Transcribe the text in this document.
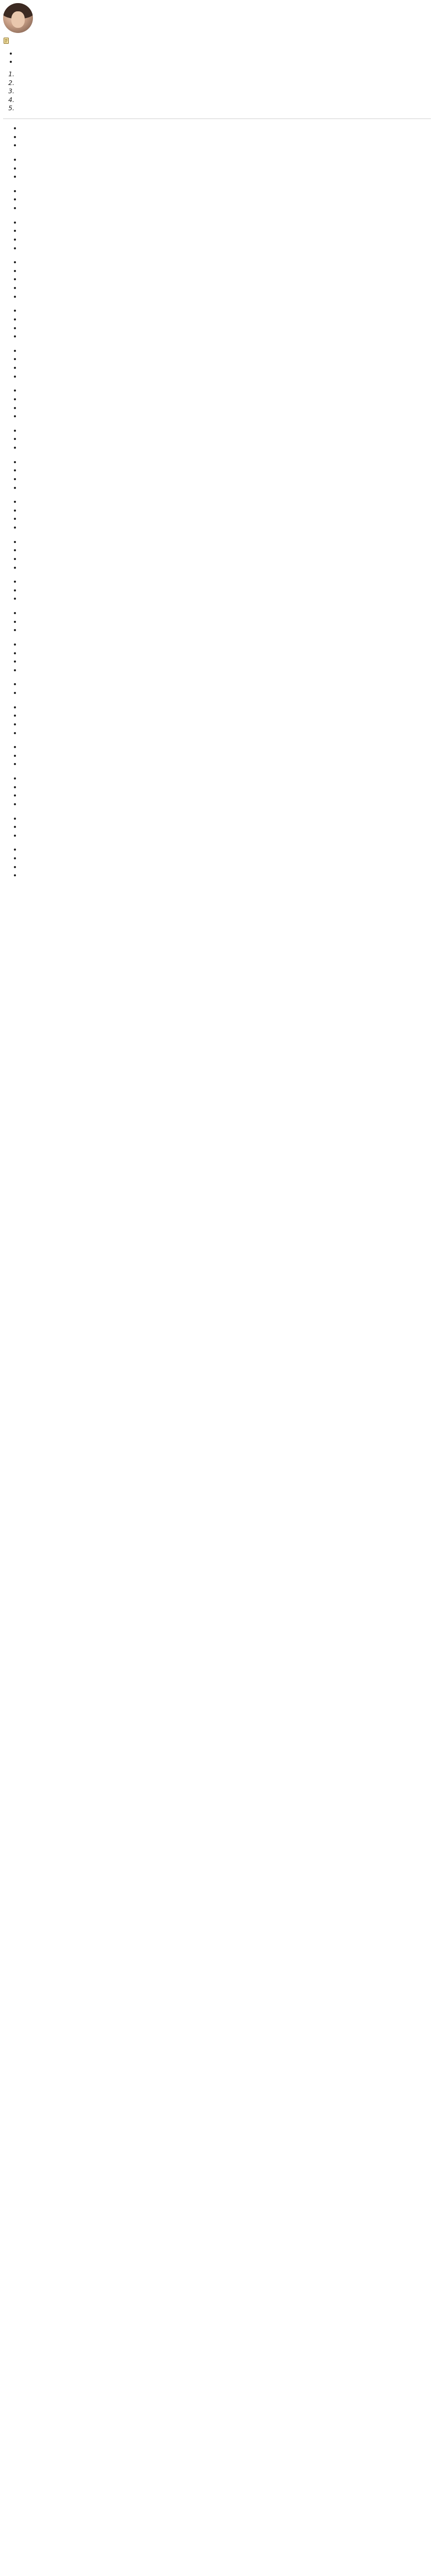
•
•
1.
2.
3.
4.
5.
•
•
•
•
•
•
•
•
•
•
•
•
•
•
•
•
•
•
•
•
•
•
•
•
•
•
•
•
•
•
•
•
•
•
•
•
•
•
•
•
•
•
•
•
•
•
•
•
•
•
•
•
•
•
•
•
•
•
•
•
•
•
•
•
•
•
•
•
•
•
•
•
•
•
•
